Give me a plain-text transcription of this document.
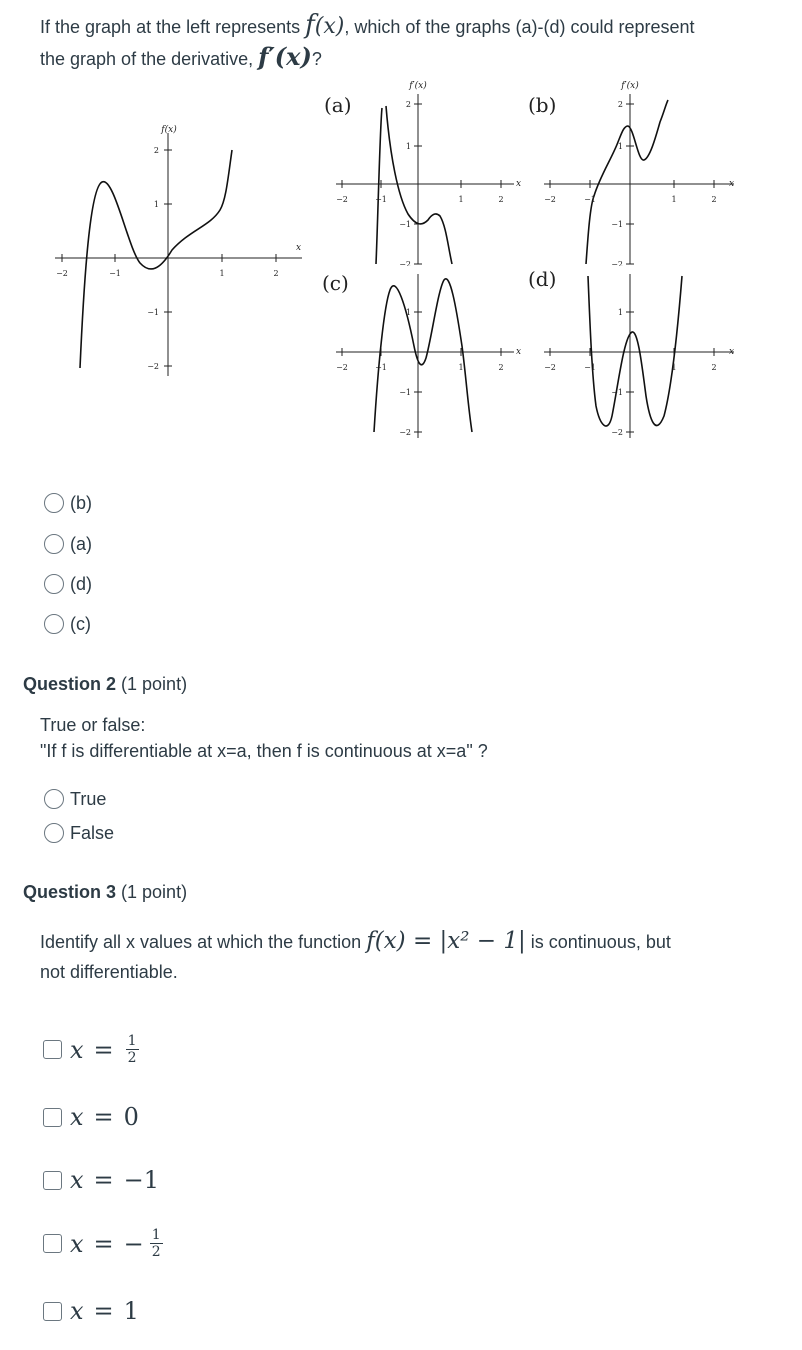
If the graph at the left represents f(x), which of the graphs (a)-(d) could represent
the graph of the derivative, f′(x)?
−2	−1	1	2
2
1
−1
−2
f(x)
x
(a)
f′(x)
x
−2	−1	1	2
2
1
−1
−2
(b)
f′(x)
x
−2	−1	1	2
2
1
−1
−2
(c)
x
−2	−1	1	2
1
−1
−2
(d)
x
−2	−1	1	2
1
−1
−2
(b)
(a)
(d)
(c)
Question 2 (1 point)
True or false:
"If f is differentiable at x=a, then f is continuous at x=a" ?
True
False
Question 3 (1 point)
Identify all x values at which the function f(x) = |x² − 1| is continuous, but
not differentiable.
$x = \frac{1}{2}$
x = 0
x = −1
x = − $\frac{1}{2}$
x = 1
